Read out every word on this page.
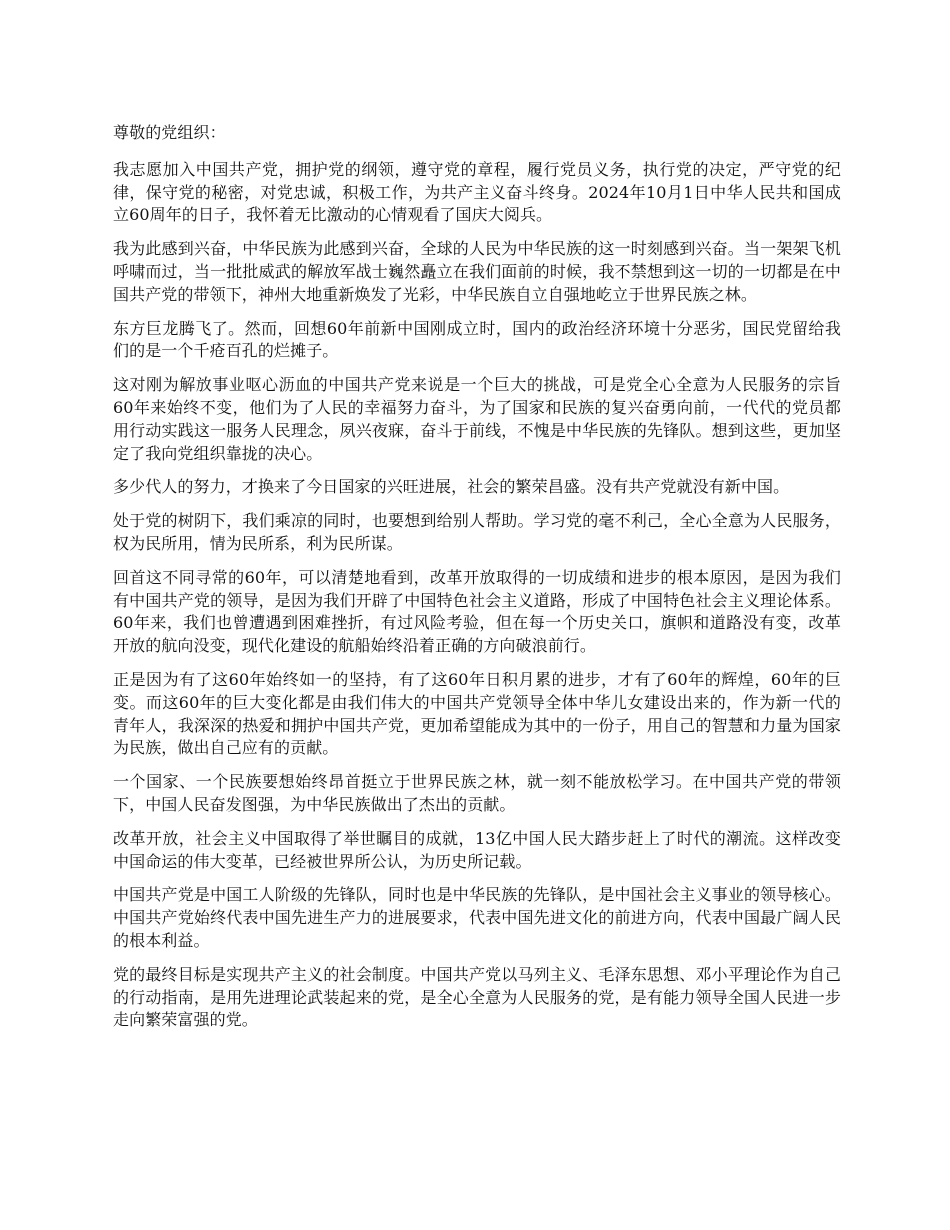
尊敬的党组织：

我志愿加入中国共产党，拥护党的纲领，遵守党的章程，履行党员义务，执行党的决定，严守党的纪律，保守党的秘密，对党忠诚，积极工作，为共产主义奋斗终身。2024年10月1日中华人民共和国成立60周年的日子，我怀着无比激动的心情观看了国庆大阅兵。

我为此感到兴奋，中华民族为此感到兴奋，全球的人民为中华民族的这一时刻感到兴奋。当一架架飞机呼啸而过，当一批批威武的解放军战士巍然矗立在我们面前的时候，我不禁想到这一切的一切都是在中国共产党的带领下，神州大地重新焕发了光彩，中华民族自立自强地屹立于世界民族之林。

东方巨龙腾飞了。然而，回想60年前新中国刚成立时，国内的政治经济环境十分恶劣，国民党留给我们的是一个千疮百孔的烂摊子。

这对刚为解放事业呕心沥血的中国共产党来说是一个巨大的挑战，可是党全心全意为人民服务的宗旨60年来始终不变，他们为了人民的幸福努力奋斗，为了国家和民族的复兴奋勇向前，一代代的党员都用行动实践这一服务人民理念，夙兴夜寐，奋斗于前线，不愧是中华民族的先锋队。想到这些，更加坚定了我向党组织靠拢的决心。

多少代人的努力，才换来了今日国家的兴旺进展，社会的繁荣昌盛。没有共产党就没有新中国。

处于党的树阴下，我们乘凉的同时，也要想到给别人帮助。学习党的毫不利己，全心全意为人民服务，权为民所用，情为民所系，利为民所谋。

回首这不同寻常的60年，可以清楚地看到，改革开放取得的一切成绩和进步的根本原因，是因为我们有中国共产党的领导，是因为我们开辟了中国特色社会主义道路，形成了中国特色社会主义理论体系。60年来，我们也曾遭遇到困难挫折，有过风险考验，但在每一个历史关口，旗帜和道路没有变，改革开放的航向没变，现代化建设的航船始终沿着正确的方向破浪前行。

正是因为有了这60年始终如一的坚持，有了这60年日积月累的进步，才有了60年的辉煌，60年的巨变。而这60年的巨大变化都是由我们伟大的中国共产党领导全体中华儿女建设出来的，作为新一代的青年人，我深深的热爱和拥护中国共产党，更加希望能成为其中的一份子，用自己的智慧和力量为国家为民族，做出自己应有的贡献。

一个国家、一个民族要想始终昂首挺立于世界民族之林，就一刻不能放松学习。在中国共产党的带领下，中国人民奋发图强，为中华民族做出了杰出的贡献。

改革开放，社会主义中国取得了举世瞩目的成就，13亿中国人民大踏步赶上了时代的潮流。这样改变中国命运的伟大变革，已经被世界所公认，为历史所记载。

中国共产党是中国工人阶级的先锋队，同时也是中华民族的先锋队，是中国社会主义事业的领导核心。中国共产党始终代表中国先进生产力的进展要求，代表中国先进文化的前进方向，代表中国最广阔人民的根本利益。

党的最终目标是实现共产主义的社会制度。中国共产党以马列主义、毛泽东思想、邓小平理论作为自己的行动指南，是用先进理论武装起来的党，是全心全意为人民服务的党，是有能力领导全国人民进一步走向繁荣富强的党。
